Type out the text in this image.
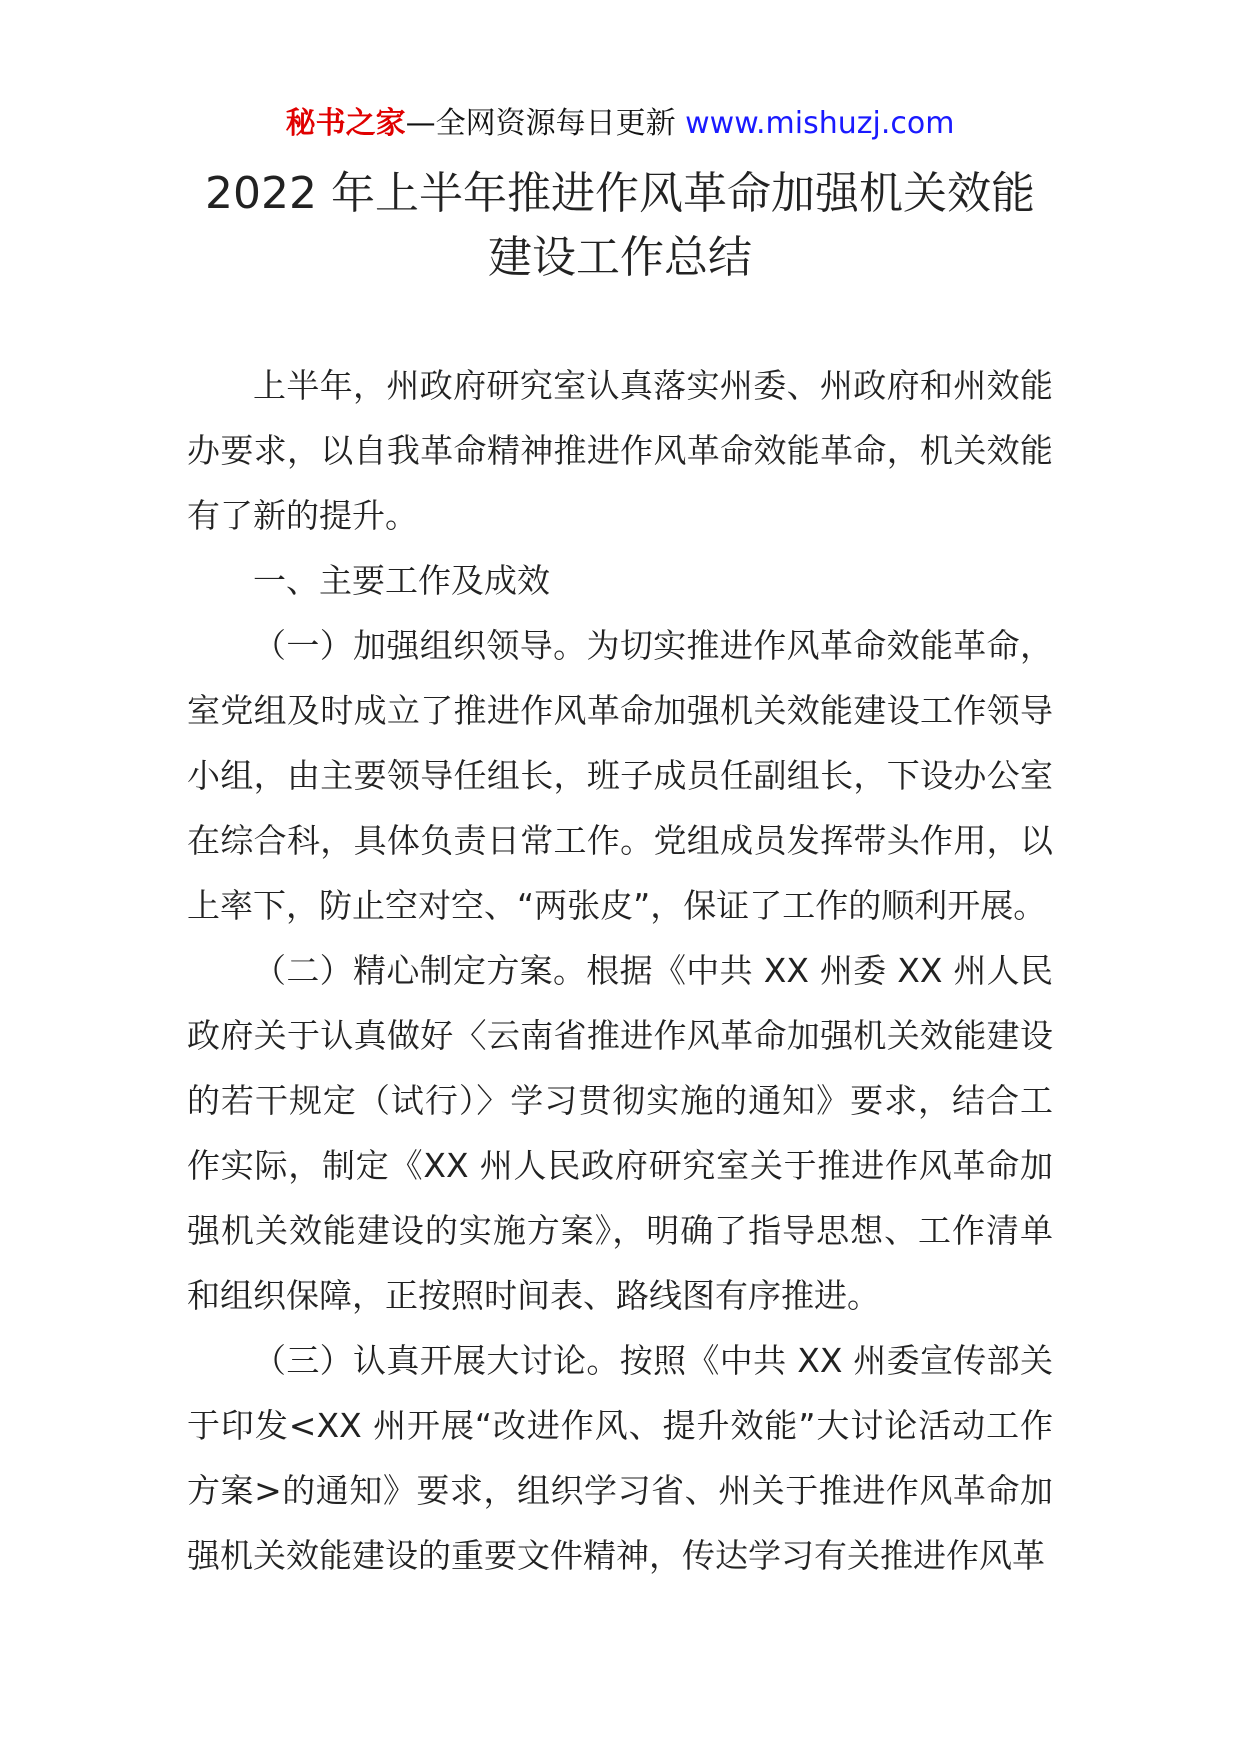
秘书之家—全网资源每日更新 www.mishuzj.com
2022 年上半年推进作风革命加强机关效能
建设工作总结

上半年，州政府研究室认真落实州委、州政府和州效能办要求，以自我革命精神推进作风革命效能革命，机关效能有了新的提升。

一、主要工作及成效

（一）加强组织领导。为切实推进作风革命效能革命，室党组及时成立了推进作风革命加强机关效能建设工作领导小组，由主要领导任组长，班子成员任副组长，下设办公室在综合科，具体负责日常工作。党组成员发挥带头作用，以上率下，防止空对空、“两张皮”，保证了工作的顺利开展。

（二）精心制定方案。根据《中共 XX 州委 XX 州人民政府关于认真做好〈云南省推进作风革命加强机关效能建设的若干规定（试行）〉学习贯彻实施的通知》要求，结合工作实际，制定《XX 州人民政府研究室关于推进作风革命加强机关效能建设的实施方案》，明确了指导思想、工作清单和组织保障，正按照时间表、路线图有序推进。

（三）认真开展大讨论。按照《中共 XX 州委宣传部关于印发<XX 州开展“改进作风、提升效能”大讨论活动工作方案>的通知》要求，组织学习省、州关于推进作风革命加强机关效能建设的重要文件精神，传达学习有关推进作风革
